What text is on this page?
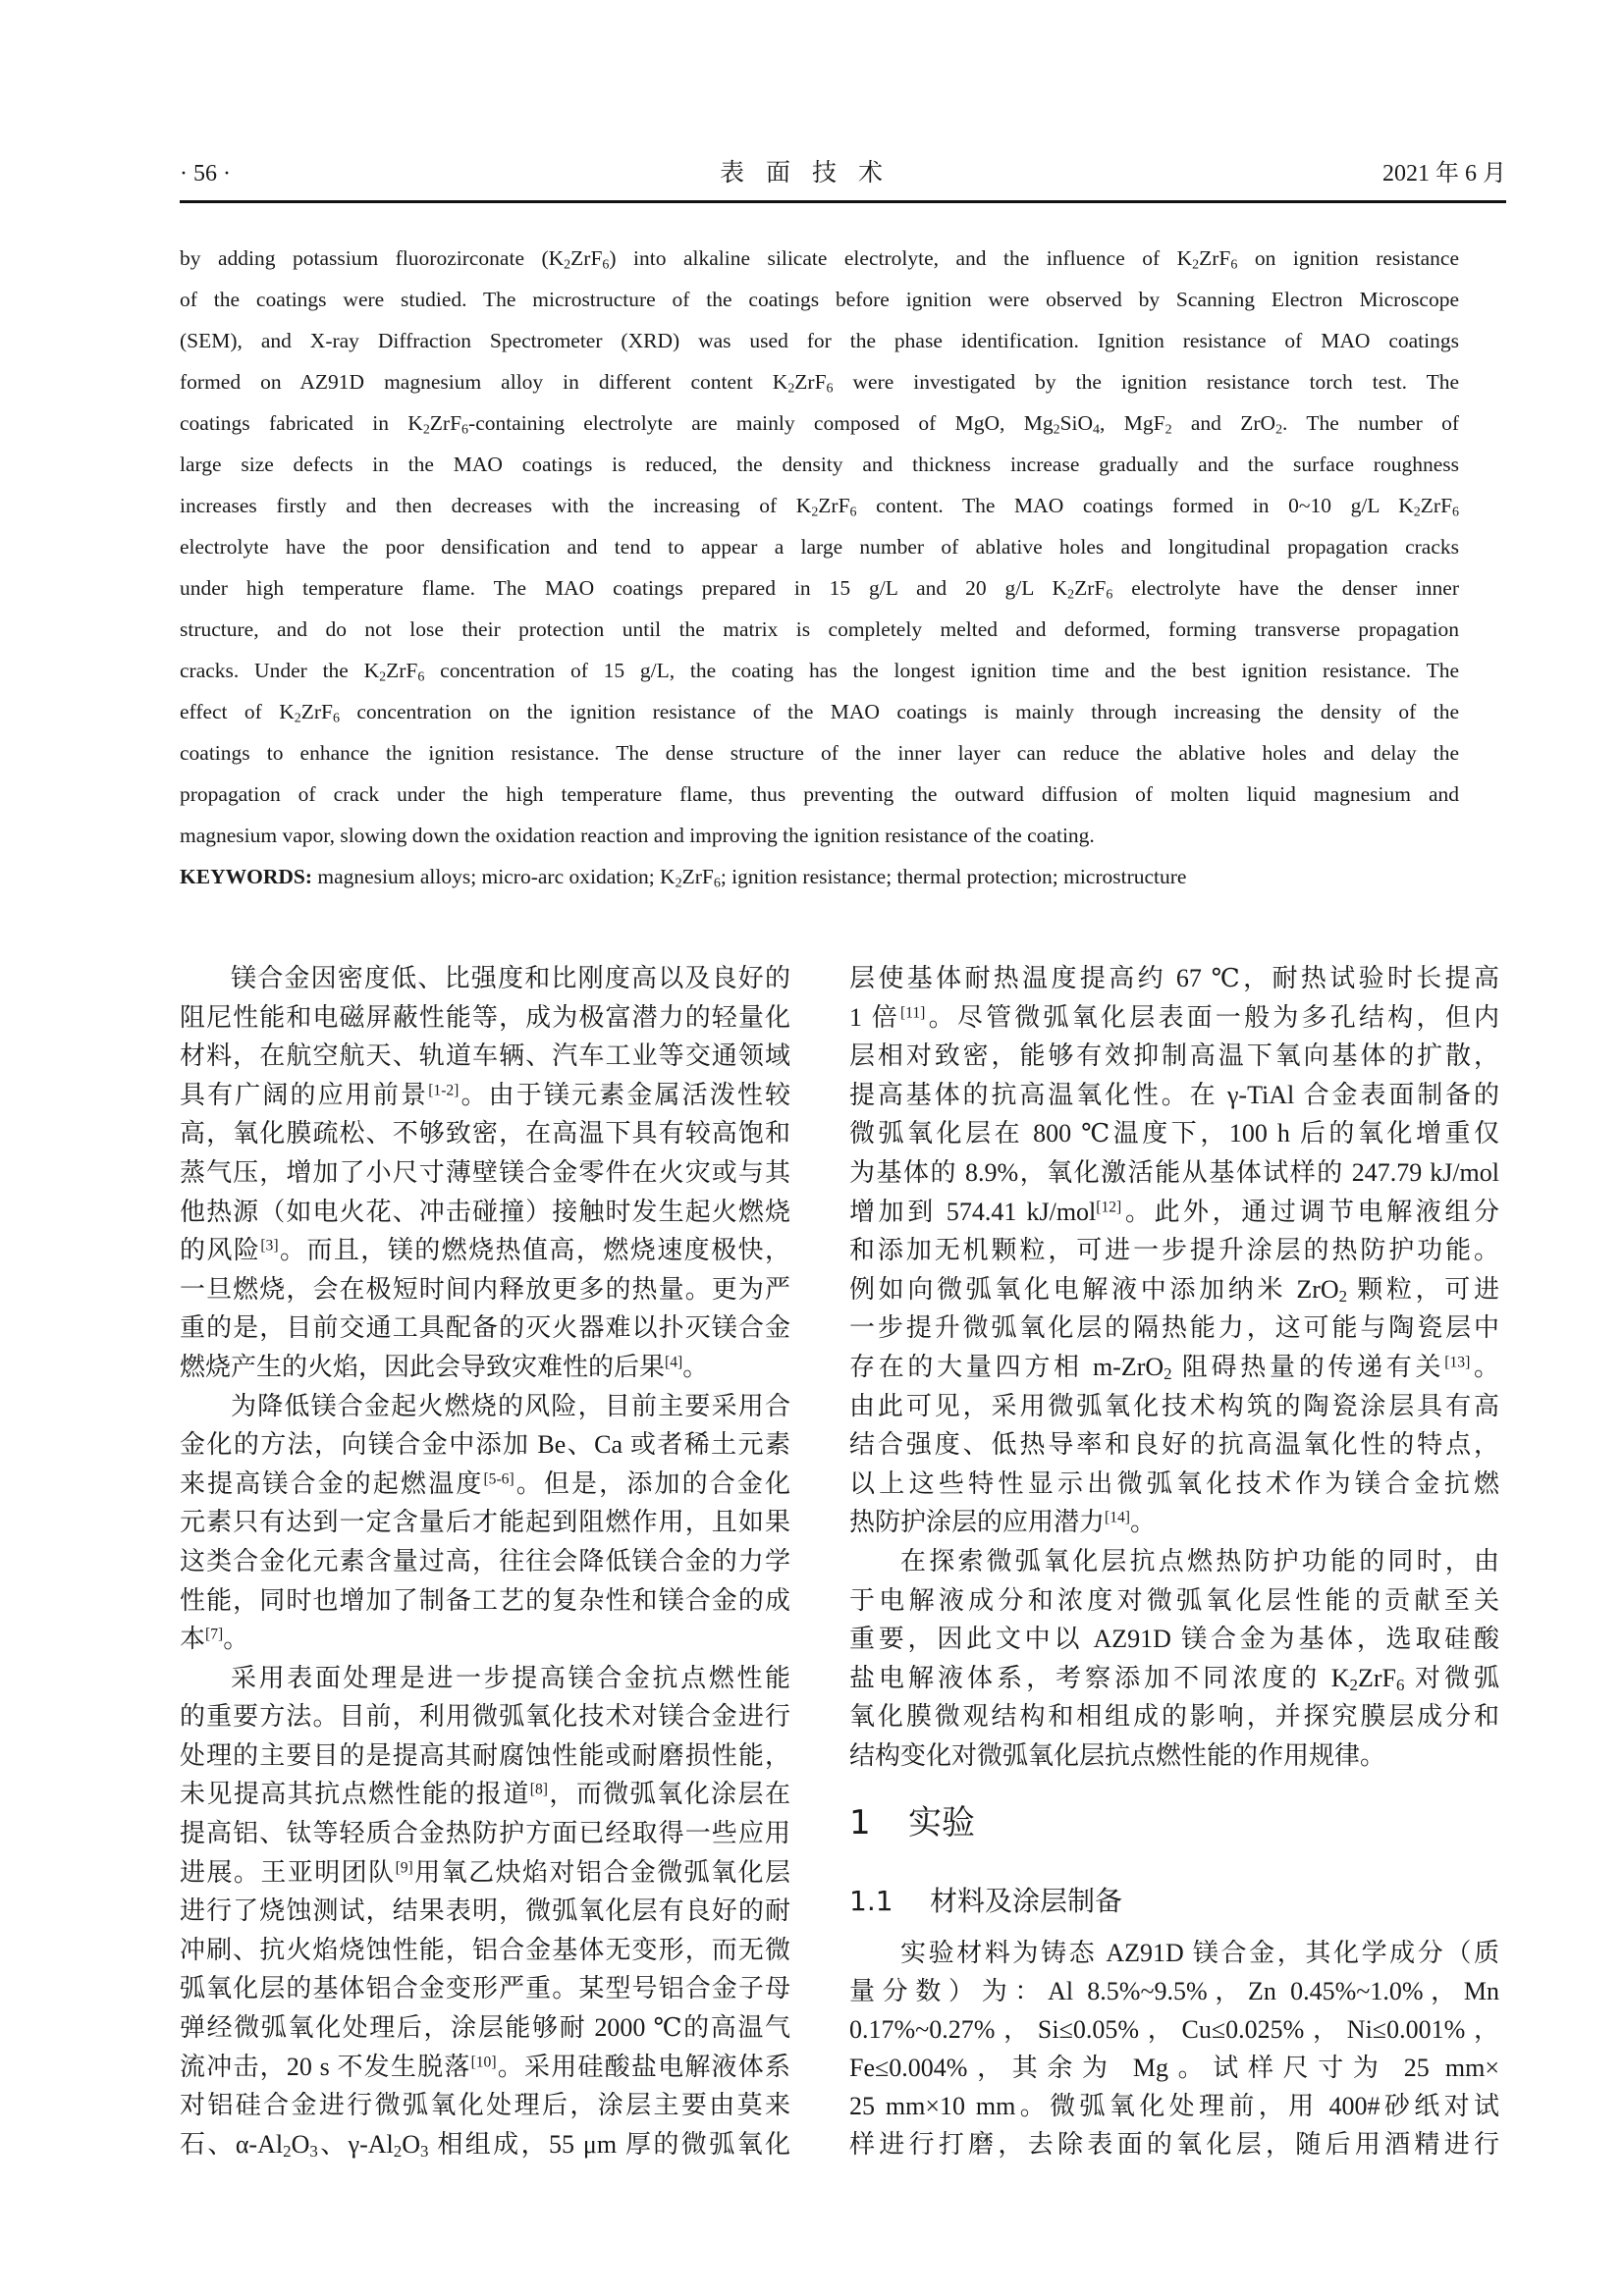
· 56 ·	表面技术	2021 年 6 月
by adding potassium fluorozirconate $(K_2ZrF_6)$ into alkaline silicate electrolyte, and the influence of $K_2ZrF_6$ on ignition resistance
of the coatings were studied. The microstructure of the coatings before ignition were observed by Scanning Electron Microscope
(SEM), and X-ray Diffraction Spectrometer (XRD) was used for the phase identification. Ignition resistance of MAO coatings
formed on AZ91D magnesium alloy in different content $K_2ZrF_6$ were investigated by the ignition resistance torch test. The
coatings fabricated in $K_2ZrF_6$-containing electrolyte are mainly composed of MgO, $Mg_2SiO_4$, MgF$_2$ and ZrO$_2$. The number of
large size defects in the MAO coatings is reduced, the density and thickness increase gradually and the surface roughness
increases firstly and then decreases with the increasing of $K_2ZrF_6$ content. The MAO coatings formed in 0~10 g/L $K_2ZrF_6$
electrolyte have the poor densification and tend to appear a large number of ablative holes and longitudinal propagation cracks
under high temperature flame. The MAO coatings prepared in 15 g/L and 20 g/L $K_2ZrF_6$ electrolyte have the denser inner
structure, and do not lose their protection until the matrix is completely melted and deformed, forming transverse propagation
cracks. Under the $K_2ZrF_6$ concentration of 15 g/L, the coating has the longest ignition time and the best ignition resistance. The
effect of $K_2ZrF_6$ concentration on the ignition resistance of the MAO coatings is mainly through increasing the density of the
coatings to enhance the ignition resistance. The dense structure of the inner layer can reduce the ablative holes and delay the
propagation of crack under the high temperature flame, thus preventing the outward diffusion of molten liquid magnesium and
magnesium vapor, slowing down the oxidation reaction and improving the ignition resistance of the coating.
KEYWORDS: magnesium alloys; micro-arc oxidation; $K_2ZrF_6$; ignition resistance; thermal protection; microstructure
镁合金因密度低、比强度和比刚度高以及良好的
阻尼性能和电磁屏蔽性能等，成为极富潜力的轻量化
材料，在航空航天、轨道车辆、汽车工业等交通领域
具有广阔的应用前景[1-2]。由于镁元素金属活泼性较
高，氧化膜疏松、不够致密，在高温下具有较高饱和
蒸气压，增加了小尺寸薄壁镁合金零件在火灾或与其
他热源（如电火花、冲击碰撞）接触时发生起火燃烧
的风险[3]。而且，镁的燃烧热值高，燃烧速度极快，
一旦燃烧，会在极短时间内释放更多的热量。更为严
重的是，目前交通工具配备的灭火器难以扑灭镁合金
燃烧产生的火焰，因此会导致灾难性的后果[4]。
为降低镁合金起火燃烧的风险，目前主要采用合
金化的方法，向镁合金中添加 Be、Ca 或者稀土元素
来提高镁合金的起燃温度[5-6]。但是，添加的合金化
元素只有达到一定含量后才能起到阻燃作用，且如果
这类合金化元素含量过高，往往会降低镁合金的力学
性能，同时也增加了制备工艺的复杂性和镁合金的成
本[7]。
采用表面处理是进一步提高镁合金抗点燃性能
的重要方法。目前，利用微弧氧化技术对镁合金进行
处理的主要目的是提高其耐腐蚀性能或耐磨损性能，
未见提高其抗点燃性能的报道[8]，而微弧氧化涂层在
提高铝、钛等轻质合金热防护方面已经取得一些应用
进展。王亚明团队[9]用氧乙炔焰对铝合金微弧氧化层
进行了烧蚀测试，结果表明，微弧氧化层有良好的耐
冲刷、抗火焰烧蚀性能，铝合金基体无变形，而无微
弧氧化层的基体铝合金变形严重。某型号铝合金子母
弹经微弧氧化处理后，涂层能够耐 2000 ℃的高温气
流冲击，20 s 不发生脱落[10]。采用硅酸盐电解液体系
对铝硅合金进行微弧氧化处理后，涂层主要由莫来
石、$\alpha-Al_2O_3$、$\gamma-Al_2O_3$ 相组成，55 μm 厚的微弧氧化
层使基体耐热温度提高约 67 ℃，耐热试验时长提高
1 倍[11]。尽管微弧氧化层表面一般为多孔结构，但内
层相对致密，能够有效抑制高温下氧向基体的扩散，
提高基体的抗高温氧化性。在 γ-TiAl 合金表面制备的
微弧氧化层在 800 ℃温度下，100 h 后的氧化增重仅
为基体的 8.9%，氧化激活能从基体试样的 247.79 kJ/mol
增加到 574.41 kJ/mol[12]。此外，通过调节电解液组分
和添加无机颗粒，可进一步提升涂层的热防护功能。
例如向微弧氧化电解液中添加纳米 ZrO$_2$ 颗粒，可进
一步提升微弧氧化层的隔热能力，这可能与陶瓷层中
存在的大量四方相 m-ZrO$_2$ 阻碍热量的传递有关[13]。
由此可见，采用微弧氧化技术构筑的陶瓷涂层具有高
结合强度、低热导率和良好的抗高温氧化性的特点，
以上这些特性显示出微弧氧化技术作为镁合金抗燃
热防护涂层的应用潜力[14]。
在探索微弧氧化层抗点燃热防护功能的同时，由
于电解液成分和浓度对微弧氧化层性能的贡献至关
重要，因此文中以 AZ91D 镁合金为基体，选取硅酸
盐电解液体系，考察添加不同浓度的 $K_2ZrF_6$ 对微弧
氧化膜微观结构和相组成的影响，并探究膜层成分和
结构变化对微弧氧化层抗点燃性能的作用规律。
1 实验
1.1 材料及涂层制备
实验材料为铸态 AZ91D 镁合金，其化学成分（质
量分数）为：Al 8.5%~9.5%，Zn 0.45%~1.0%，Mn
0.17%~0.27%，Si≤0.05%，Cu≤0.025%，Ni≤0.001%，
Fe≤0.004%，其余为 Mg。试样尺寸为 25 mm×
25 mm×10 mm。微弧氧化处理前，用 400#砂纸对试
样进行打磨，去除表面的氧化层，随后用酒精进行
